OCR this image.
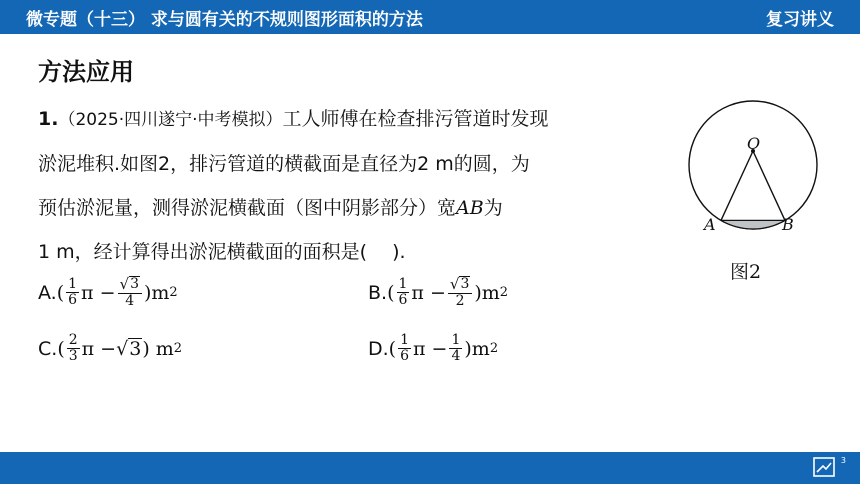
微专题（十三） 求与圆有关的不规则图形面积的方法	复习讲义
方法应用
1.（2025·四川遂宁·中考模拟）工人师傅在检查排污管道时发现
淤泥堆积.如图2，排污管道的横截面是直径为2 m的圆，为
预估淤泥量，测得淤泥横截面（图中阴影部分）宽AB为
1 m，经计算得出淤泥横截面的面积是(　 ).
A. ( $\frac{1}{6}$ $\pi - \frac{√ 3}{4} )m$ 2	B. ( $\frac{1}{6}$ $\pi - \frac{√ 3}{2} )m$ 2
C. ( $\frac{2}{3}$ π − √ 3 ) m 2	D. ( $\frac{1}{6}$ $\pi - \frac{1}{4} )m$ 2
O
A	B
图2
3
